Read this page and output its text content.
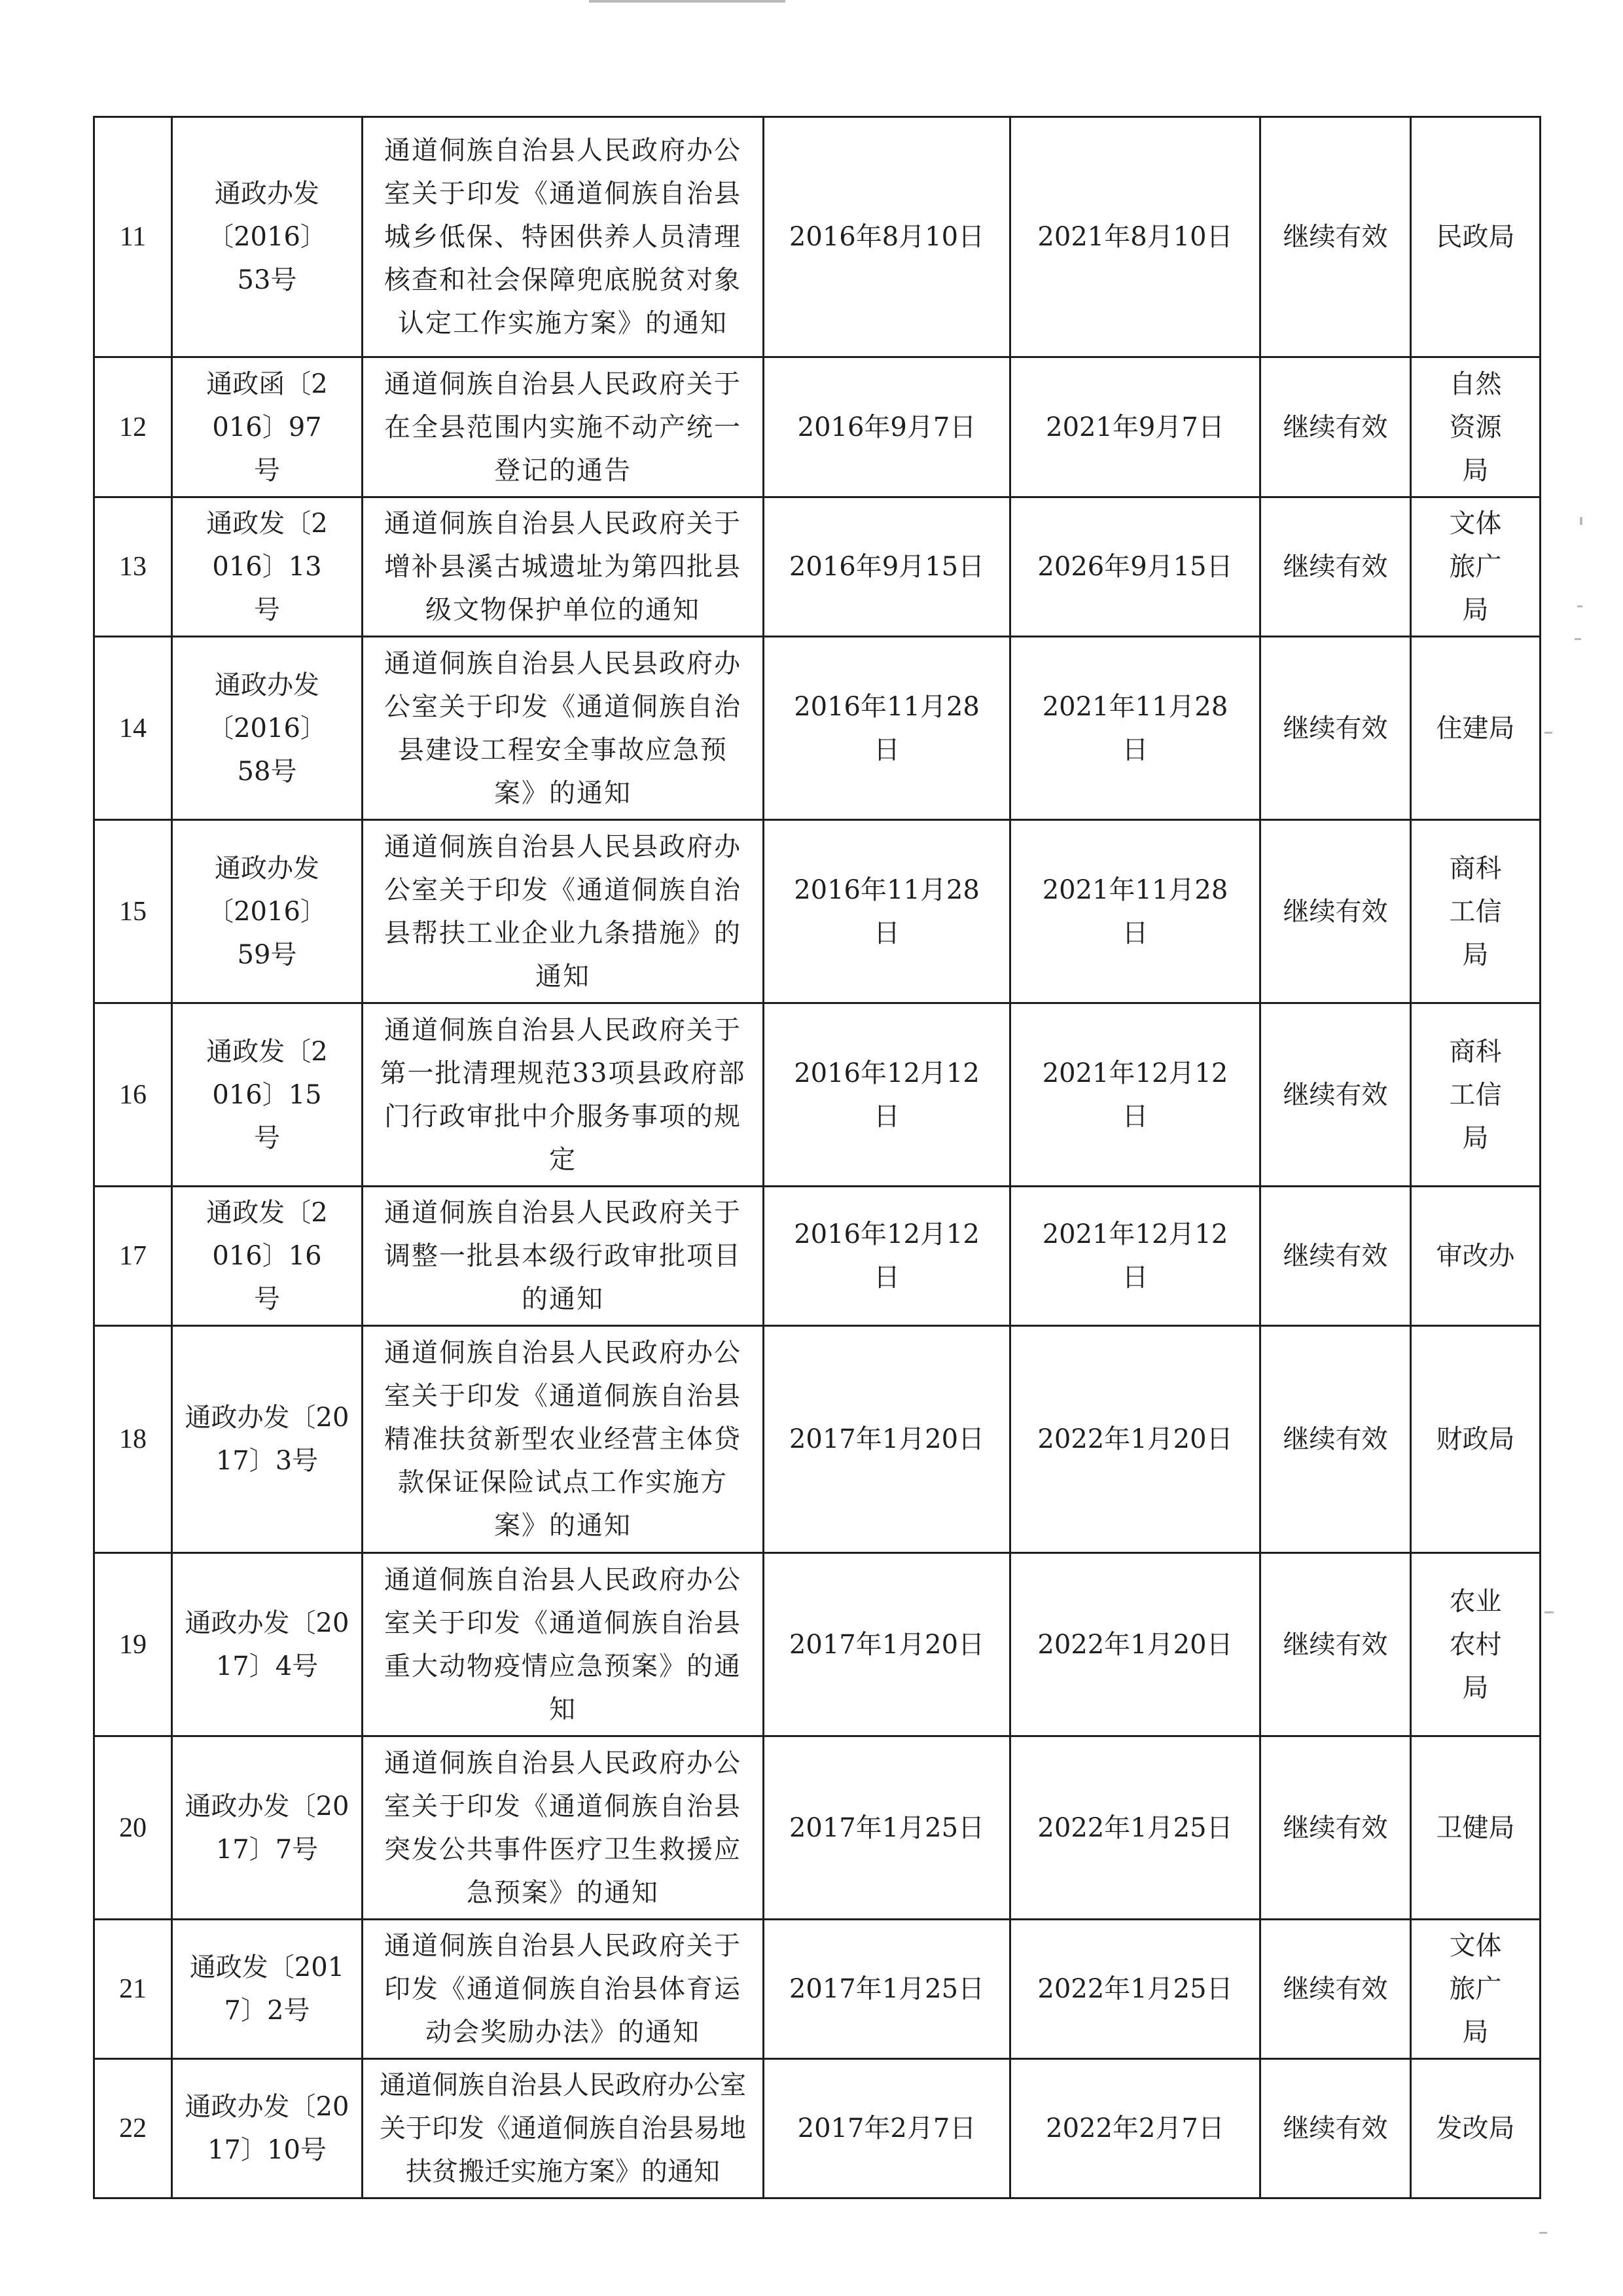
11	通政办发〔2016〕53号	通道侗族自治县人民政府办公室关于印发《通道侗族自治县城乡低保、特困供养人员清理核查和社会保障兜底脱贫对象认定工作实施方案》的通知	2016年8月10日	2021年8月10日	继续有效	民政局
12	通政函〔2016〕97号	通道侗族自治县人民政府关于在全县范围内实施不动产统一登记的通告	2016年9月7日	2021年9月7日	继续有效	自然资源局
13	通政发〔2016〕13号	通道侗族自治县人民政府关于增补县溪古城遗址为第四批县级文物保护单位的通知	2016年9月15日	2026年9月15日	继续有效	文体旅广局
14	通政办发〔2016〕58号	通道侗族自治县人民县政府办公室关于印发《通道侗族自治县建设工程安全事故应急预案》的通知	2016年11月28日	2021年11月28日	继续有效	住建局
15	通政办发〔2016〕59号	通道侗族自治县人民县政府办公室关于印发《通道侗族自治县帮扶工业企业九条措施》的通知	2016年11月28日	2021年11月28日	继续有效	商科工信局
16	通政发〔2016〕15号	通道侗族自治县人民政府关于第一批清理规范33项县政府部门行政审批中介服务事项的规定	2016年12月12日	2021年12月12日	继续有效	商科工信局
17	通政发〔2016〕16号	通道侗族自治县人民政府关于调整一批县本级行政审批项目的通知	2016年12月12日	2021年12月12日	继续有效	审改办
18	通政办发〔2017〕3号	通道侗族自治县人民政府办公室关于印发《通道侗族自治县精准扶贫新型农业经营主体贷款保证保险试点工作实施方案》的通知	2017年1月20日	2022年1月20日	继续有效	财政局
19	通政办发〔2017〕4号	通道侗族自治县人民政府办公室关于印发《通道侗族自治县重大动物疫情应急预案》的通知	2017年1月20日	2022年1月20日	继续有效	农业农村局
20	通政办发〔2017〕7号	通道侗族自治县人民政府办公室关于印发《通道侗族自治县突发公共事件医疗卫生救援应急预案》的通知	2017年1月25日	2022年1月25日	继续有效	卫健局
21	通政发〔2017〕2号	通道侗族自治县人民政府关于印发《通道侗族自治县体育运动会奖励办法》的通知	2017年1月25日	2022年1月25日	继续有效	文体旅广局
22	通政办发〔2017〕10号	通道侗族自治县人民政府办公室关于印发《通道侗族自治县易地扶贫搬迁实施方案》的通知	2017年2月7日	2022年2月7日	继续有效	发改局
